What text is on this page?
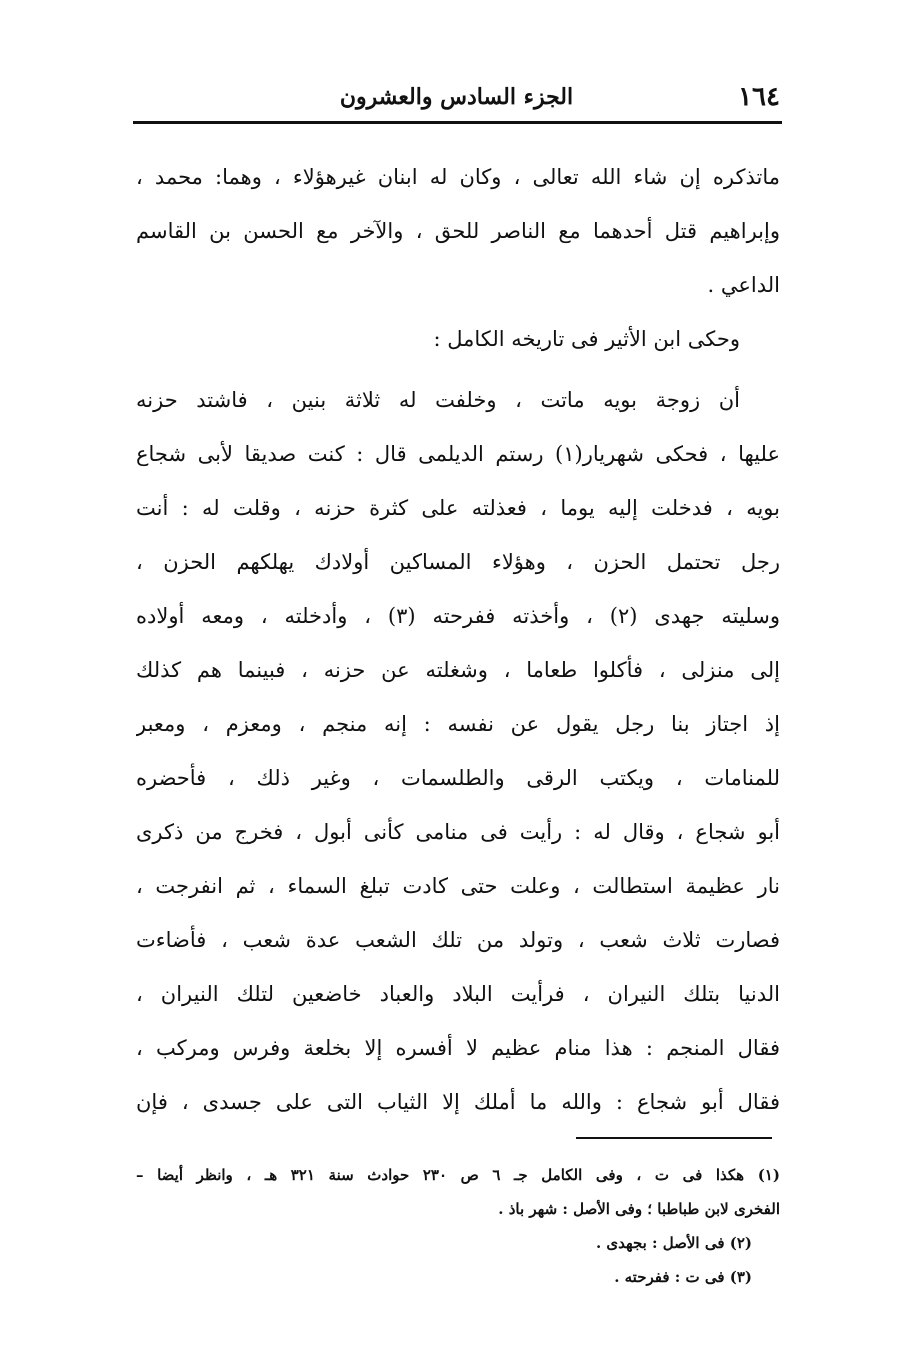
١٦٤
الجزء السادس والعشرون
ماتذكره إن شاء الله تعالى ، وكان له ابنان غيرهؤلاء ، وهما: محمد ،
وإبراهيم قتل أحدهما مع الناصر للحق ، والآخر مع الحسن بن القاسم
الداعي .
وحكى ابن الأثير فى تاريخه الكامل :
أن زوجة بويه ماتت ، وخلفت له ثلاثة بنين ، فاشتد حزنه
عليها ، فحكى شهريار(١) رستم الديلمى قال : كنت صديقا لأبى شجاع
بويه ، فدخلت إليه يوما ، فعذلته على كثرة حزنه ، وقلت له : أنت
رجل تحتمل الحزن ، وهؤلاء المساكين أولادك يهلكهم الحزن ،
وسليته جهدى (٢) ، وأخذته ففرحته (٣) ، وأدخلته ، ومعه أولاده
إلى منزلى ، فأكلوا طعاما ، وشغلته عن حزنه ، فبينما هم كذلك
إذ اجتاز بنا رجل يقول عن نفسه : إنه منجم ، ومعزم ، ومعبر
للمنامات ، ويكتب الرقى والطلسمات ، وغير ذلك ، فأحضره
أبو شجاع ، وقال له : رأيت فى منامى كأنى أبول ، فخرج من ذكرى
نار عظيمة استطالت ، وعلت حتى كادت تبلغ السماء ، ثم انفرجت ،
فصارت ثلاث شعب ، وتولد من تلك الشعب عدة شعب ، فأضاءت
الدنيا بتلك النيران ، فرأيت البلاد والعباد خاضعين لتلك النيران ،
فقال المنجم : هذا منام عظيم لا أفسره إلا بخلعة وفرس ومركب ،
فقال أبو شجاع : والله ما أملك إلا الثياب التى على جسدى ، فإن
(١) هكذا فى ت ، وفى الكامل جـ ٦ ص ٢٣٠ حوادث سنة ٣٢١ هـ ، وانظر أيضا –
الفخرى لابن طباطبا ؛ وفى الأصل : شهر باذ .
(٢) فى الأصل : بجهدى .
(٣) فى ت : ففرحته .
